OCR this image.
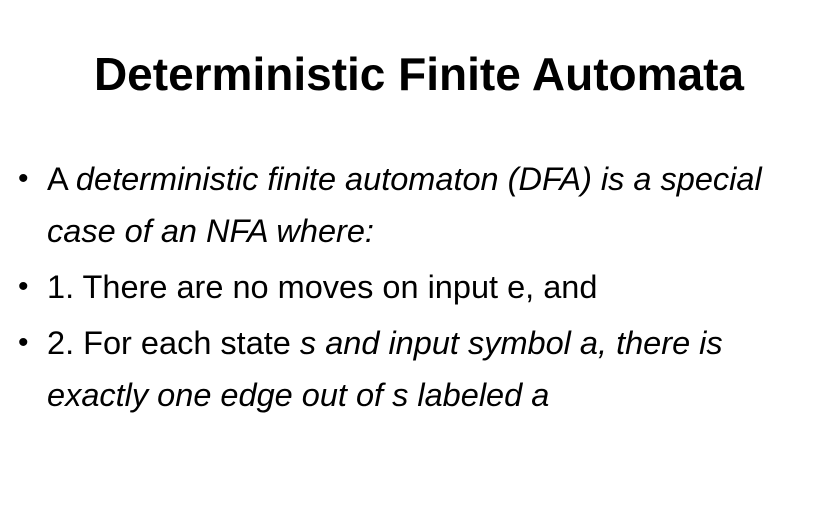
Deterministic Finite Automata
• A deterministic finite automaton (DFA) is a special case of an NFA where:
• 1. There are no moves on input e, and
• 2. For each state s and input symbol a, there is exactly one edge out of s labeled a
